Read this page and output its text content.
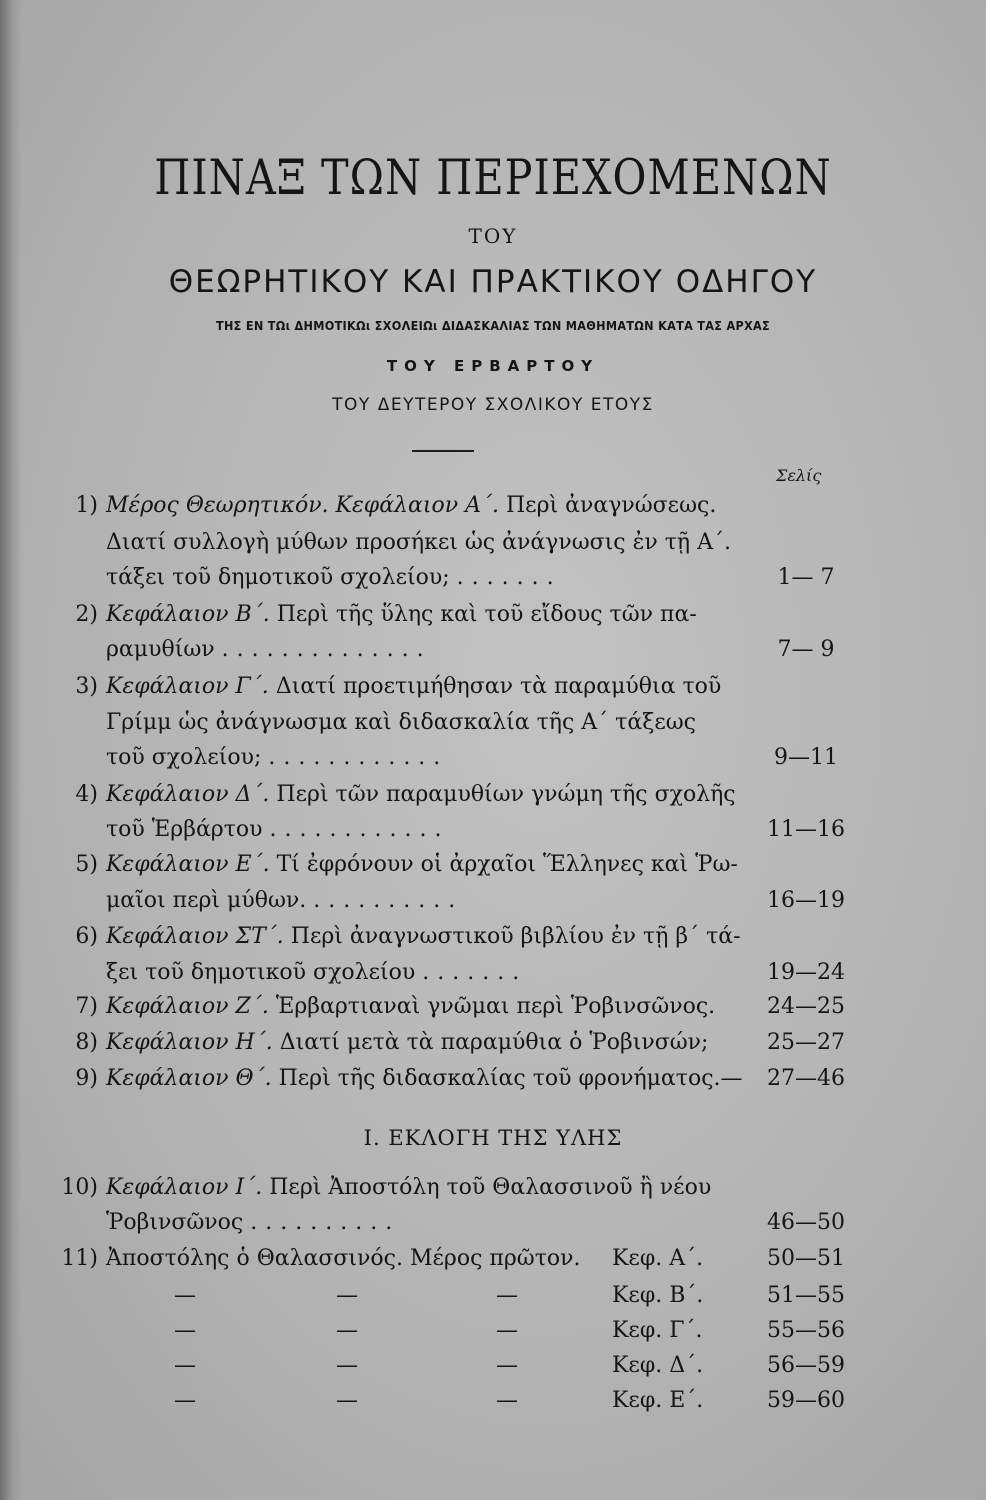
ΠΙΝΑΞ ΤΩΝ ΠΕΡΙΕΧΟΜΕΝΩΝ
ΤΟΥ
ΘΕΩΡΗΤΙΚΟΥ ΚΑΙ ΠΡΑΚΤΙΚΟΥ ΟΔΗΓΟΥ
ΤΗΣ ΕΝ ΤΩι ΔΗΜΟΤΙΚΩι ΣΧΟΛΕΙΩι ΔΙΔΑΣΚΑΛΙΑΣ ΤΩΝ ΜΑΘΗΜΑΤΩΝ ΚΑΤΑ ΤΑΣ ΑΡΧΑΣ
ΤΟΥ ΕΡΒΑΡΤΟΥ
ΤΟΥ ΔΕΥΤΕΡΟΥ ΣΧΟΛΙΚΟΥ ΕΤΟΥΣ
Σελίς
1) Μέρος Θεωρητικόν. Κεφάλαιον Α΄. Περὶ ἀναγνώσεως.
Διατί συλλογὴ μύθων προσήκει ὡς ἀνάγνωσις ἐν τῇ Α΄.
τάξει τοῦ δημοτικοῦ σχολείου; .......	1— 7
2) Κεφάλαιον Β΄. Περὶ τῆς ὕλης καὶ τοῦ εἴδους τῶν πα-
ραμυθίων ..............	7— 9
3) Κεφάλαιον Γ΄. Διατί προετιμήθησαν τὰ παραμύθια τοῦ
Γρίμμ ὡς ἀνάγνωσμα καὶ διδασκαλία τῆς Α΄ τάξεως
τοῦ σχολείου; ............	9—11
4) Κεφάλαιον Δ΄. Περὶ τῶν παραμυθίων γνώμη τῆς σχολῆς
τοῦ Ἑρβάρτου ............	11—16
5) Κεφάλαιον Ε΄. Τί ἐφρόνουν οἱ ἀρχαῖοι Ἕλληνες καὶ Ῥω-
μαῖοι περὶ μύθων. ..........	16—19
6) Κεφάλαιον ΣΤ΄. Περὶ ἀναγνωστικοῦ βιβλίου ἐν τῇ β΄ τά-
ξει τοῦ δημοτικοῦ σχολείου .......	19—24
7) Κεφάλαιον Ζ΄. Ἑρβαρτιαναὶ γνῶμαι περὶ Ῥοβινσῶνος.	24—25
8) Κεφάλαιον Η΄. Διατί μετὰ τὰ παραμύθια ὁ Ῥοβινσών;	25—27
9) Κεφάλαιον Θ΄. Περὶ τῆς διδασκαλίας τοῦ φρονήματος.—	27—46
Ι. ΕΚΛΟΓΗ ΤΗΣ ΥΛΗΣ
10) Κεφάλαιον Ι΄. Περὶ Ἀποστόλη τοῦ Θαλασσινοῦ ἢ νέου
Ῥοβινσῶνος ..........	46—50
11) Ἀποστόλης ὁ Θαλασσινός. Μέρος πρῶτον. Κεφ. Α΄.	50—51
—	—	—	Κεφ. Β΄.	51—55
—	—	—	Κεφ. Γ΄.	55—56
—	—	—	Κεφ. Δ΄.	56—59
—	—	—	Κεφ. Ε΄.	59—60
